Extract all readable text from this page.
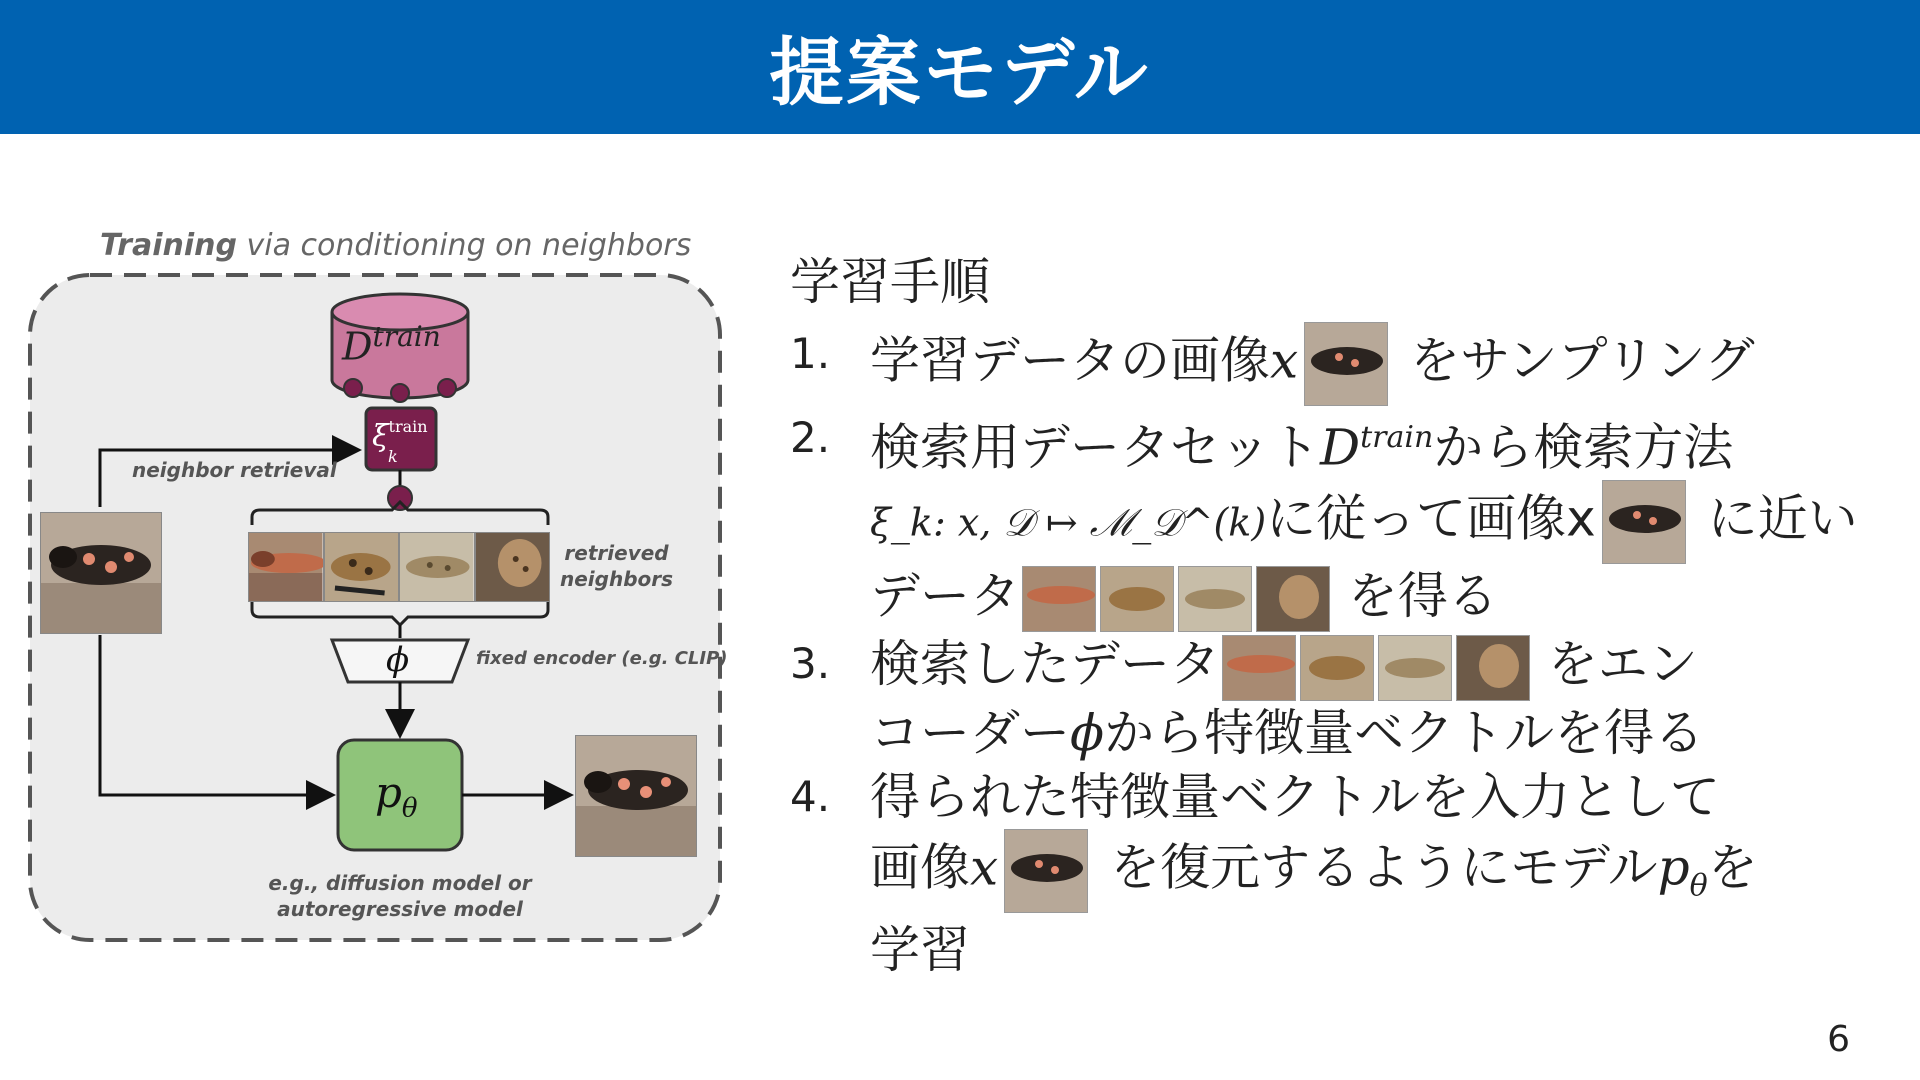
提案モデル
Training via conditioning on neighbors
$D^{train}$
$\xi^{train}$
k
neighbor retrieval
retrieved
neighbors
ϕ	fixed encoder (e.g. CLIP)
$p_\theta$
e.g., diffusion model or
autoregressive model
学習手順
1. 学習データの画像x をサンプリング
2. 検索用データセット$D^{train}$から検索方法
ξ_k: x, 𝒟 ↦ ℳ_𝒟^(k)に従って画像x に近い
データ	を得る
3. 検索したデータ	をエン
コーダーϕから特徴量ベクトルを得る
4. 得られた特徴量ベクトルを入力として
画像x を復元するようにモデル$p_\theta$を
学習
6
